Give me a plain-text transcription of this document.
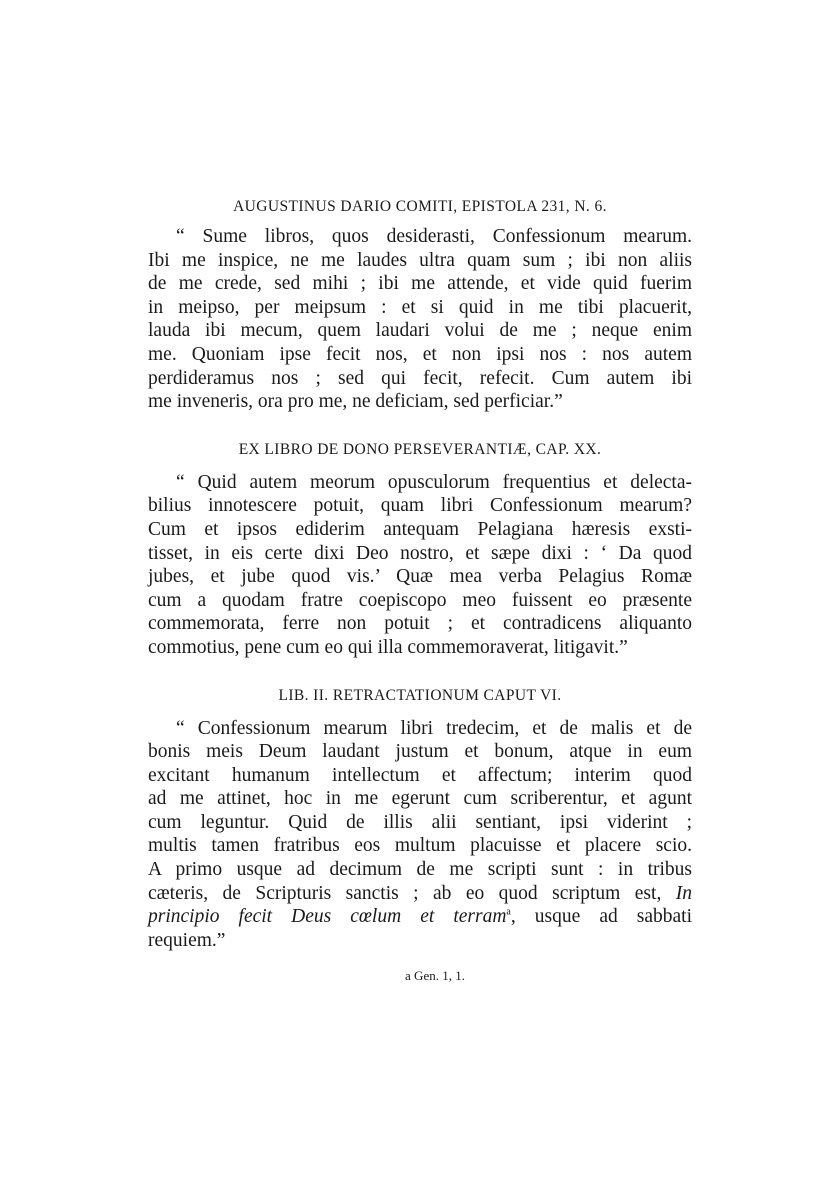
AUGUSTINUS DARIO COMITI, EPISTOLA 231, N. 6.
“ Sume libros, quos desiderasti, Confessionum mearum.
Ibi me inspice, ne me laudes ultra quam sum ; ibi non aliis
de me crede, sed mihi ; ibi me attende, et vide quid fuerim
in meipso, per meipsum : et si quid in me tibi placuerit,
lauda ibi mecum, quem laudari volui de me ; neque enim
me. Quoniam ipse fecit nos, et non ipsi nos : nos autem
perdideramus nos ; sed qui fecit, refecit. Cum autem ibi
me inveneris, ora pro me, ne deficiam, sed perficiar.”
EX LIBRO DE DONO PERSEVERANTIÆ, CAP. XX.
“ Quid autem meorum opusculorum frequentius et delecta-
bilius innotescere potuit, quam libri Confessionum mearum?
Cum et ipsos ediderim antequam Pelagiana hæresis exsti-
tisset, in eis certe dixi Deo nostro, et sæpe dixi : ‘ Da quod
jubes, et jube quod vis.’ Quæ mea verba Pelagius Romæ
cum a quodam fratre coepiscopo meo fuissent eo præsente
commemorata, ferre non potuit ; et contradicens aliquanto
commotius, pene cum eo qui illa commemoraverat, litigavit.”
LIB. II. RETRACTATIONUM CAPUT VI.
“ Confessionum mearum libri tredecim, et de malis et de
bonis meis Deum laudant justum et bonum, atque in eum
excitant humanum intellectum et affectum; interim quod
ad me attinet, hoc in me egerunt cum scriberentur, et agunt
cum leguntur. Quid de illis alii sentiant, ipsi viderint ;
multis tamen fratribus eos multum placuisse et placere scio.
A primo usque ad decimum de me scripti sunt : in tribus
cæteris, de Scripturis sanctis ; ab eo quod scriptum est, In
principio fecit Deus cœlum et terram$^a$, usque ad sabbati
requiem.”
a Gen. 1, 1.
